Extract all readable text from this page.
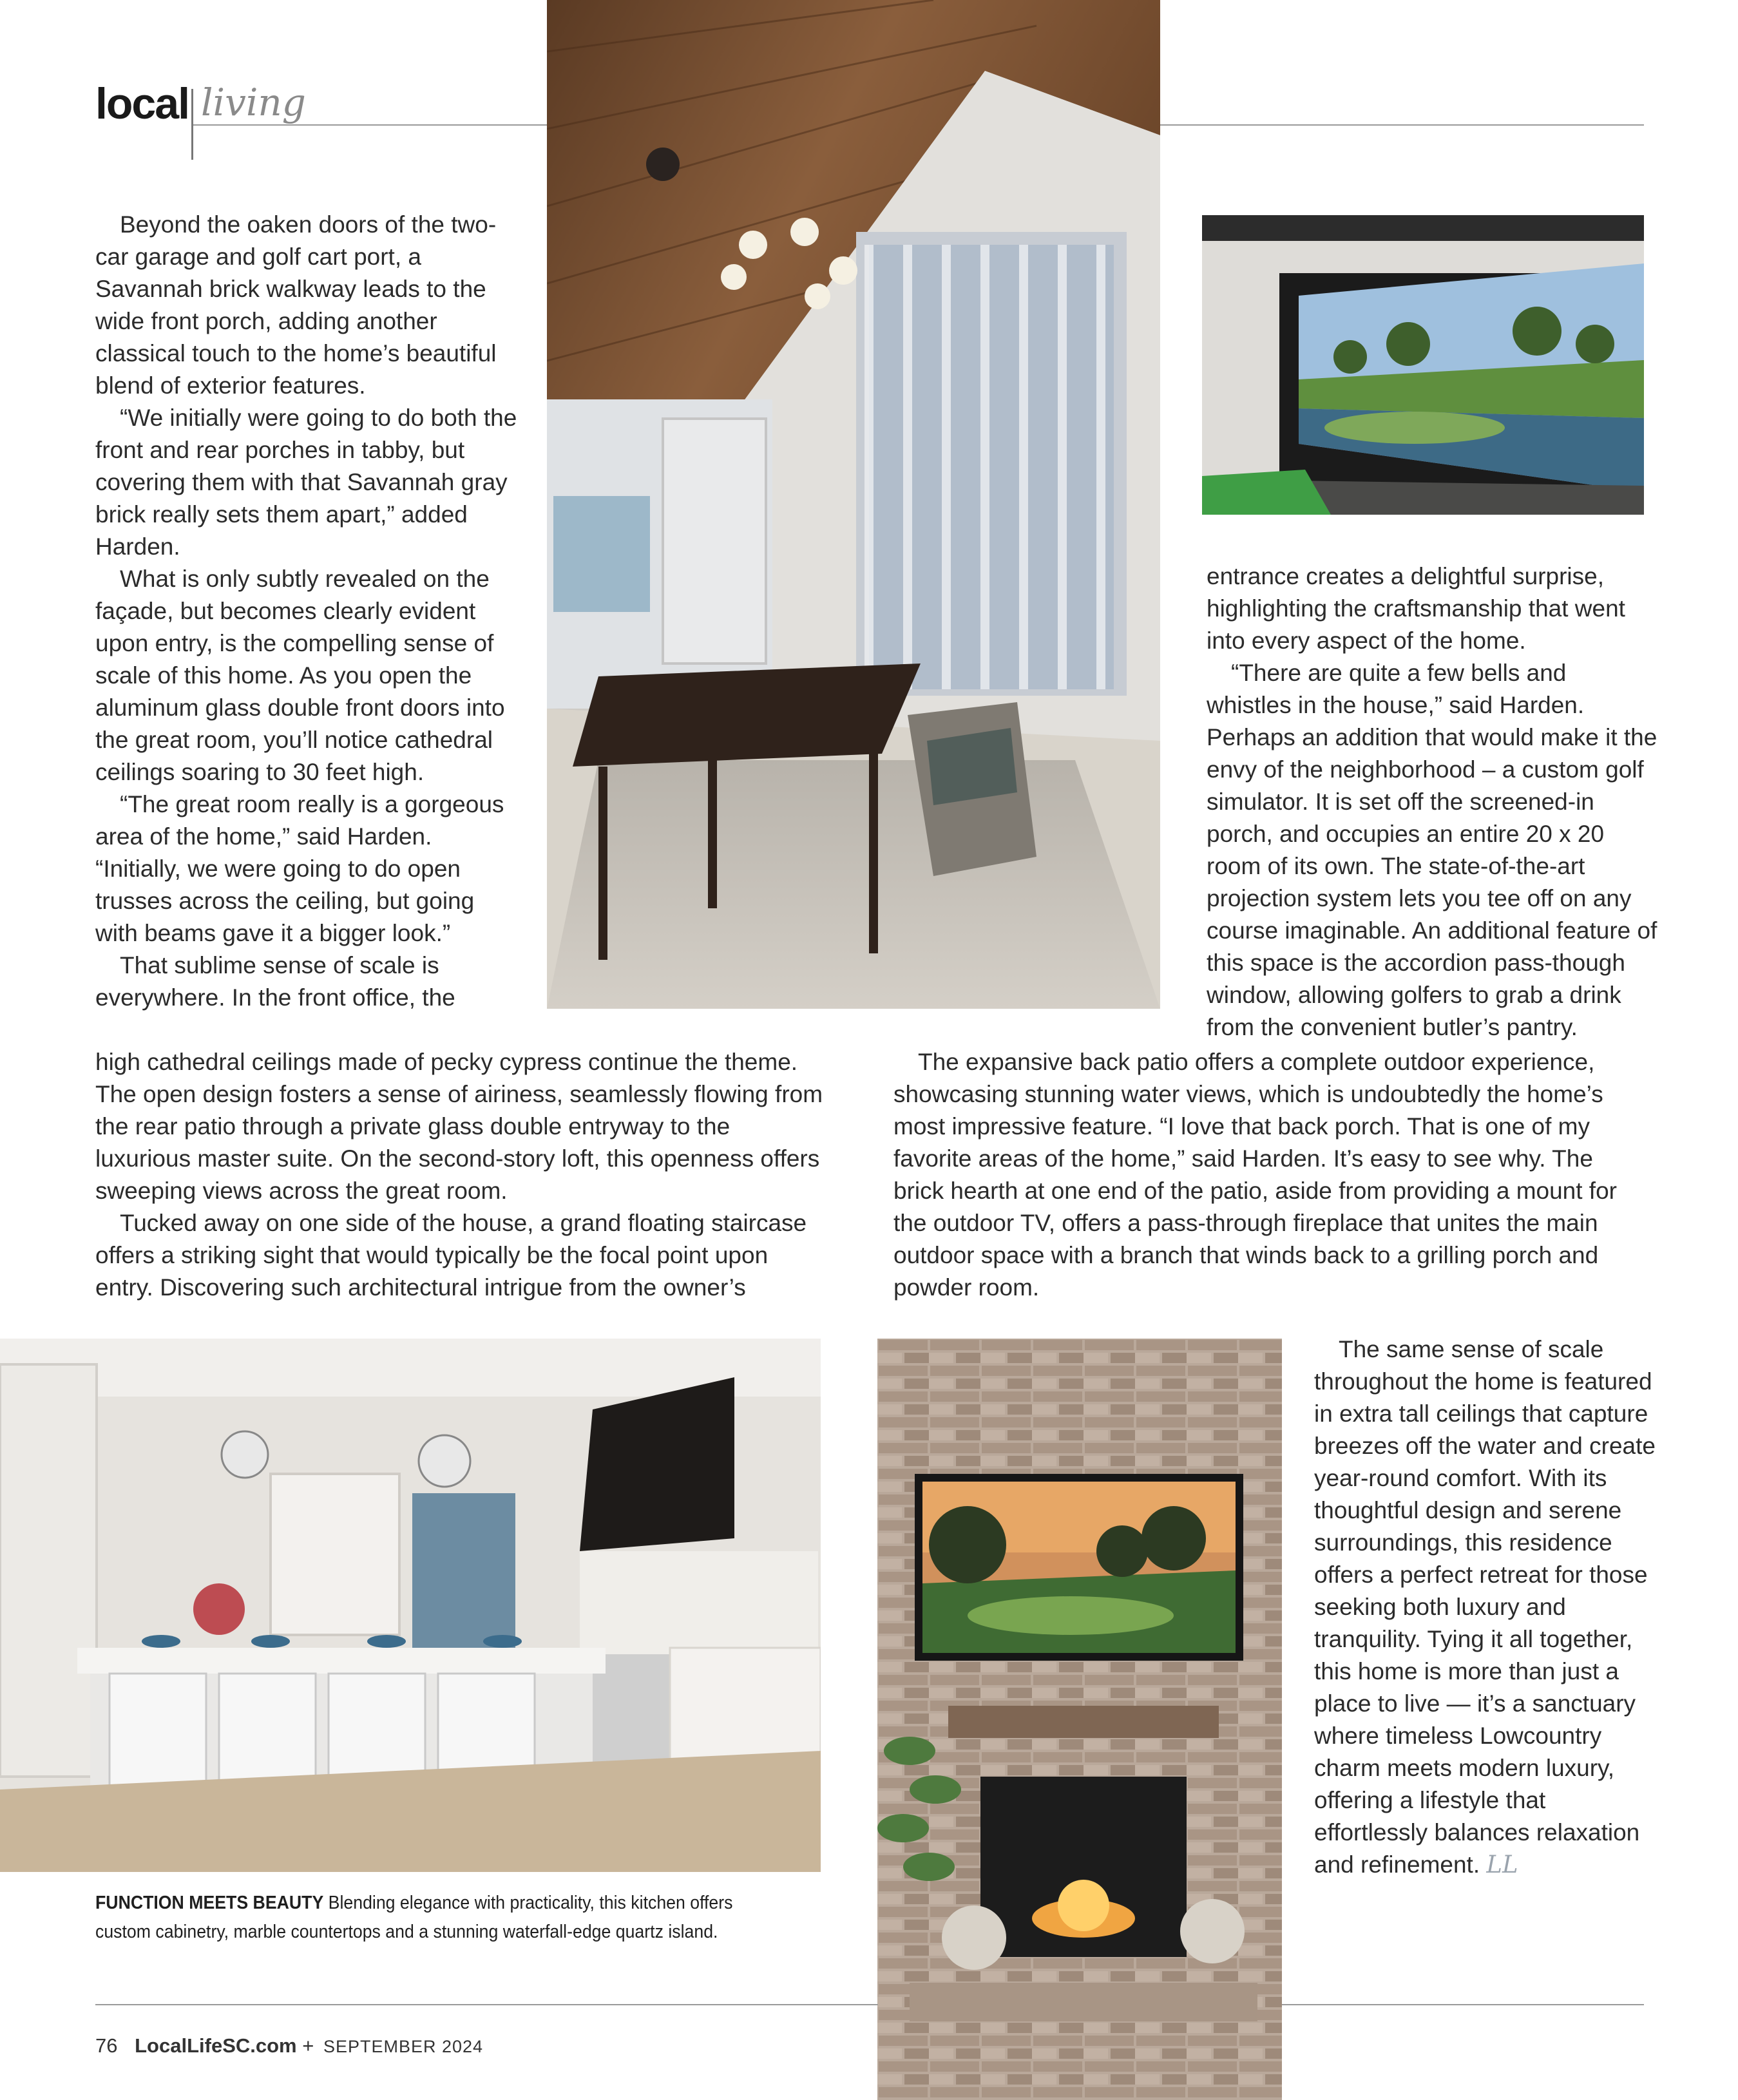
local living

Beyond the oaken doors of the two-car garage and golf cart port, a Savannah brick walkway leads to the wide front porch, adding another classical touch to the home’s beautiful blend of exterior features.

“We initially were going to do both the front and rear porches in tabby, but covering them with that Savannah gray brick really sets them apart,” added Harden.

What is only subtly revealed on the façade, but becomes clearly evident upon entry, is the compelling sense of scale of this home. As you open the aluminum glass double front doors into the great room, you’ll notice cathedral ceilings soaring to 30 feet high.

“The great room really is a gorgeous area of the home,” said Harden. “Initially, we were going to do open trusses across the ceiling, but going with beams gave it a bigger look.”

That sublime sense of scale is everywhere. In the front office, the

high cathedral ceilings made of pecky cypress continue the theme. The open design fosters a sense of airiness, seamlessly flowing from the rear patio through a private glass double entryway to the luxurious master suite. On the second-story loft, this openness offers sweeping views across the great room.

Tucked away on one side of the house, a grand floating staircase offers a striking sight that would typically be the focal point upon entry. Discovering such architectural intrigue from the owner’s

entrance creates a delightful surprise, highlighting the craftsmanship that went into every aspect of the home.

“There are quite a few bells and whistles in the house,” said Harden. Perhaps an addition that would make it the envy of the neighborhood – a custom golf simulator. It is set off the screened-in porch, and occupies an entire 20 x 20 room of its own. The state-of-the-art projection system lets you tee off on any course imaginable. An additional feature of this space is the accordion pass-though window, allowing golfers to grab a drink from the convenient butler’s pantry.

The expansive back patio offers a complete outdoor experience, showcasing stunning water views, which is undoubtedly the home’s most impressive feature. “I love that back porch. That is one of my favorite areas of the home,” said Harden. It’s easy to see why. The brick hearth at one end of the patio, aside from providing a mount for the outdoor TV, offers a pass-through fireplace that unites the main outdoor space with a branch that winds back to a grilling porch and powder room.

FUNCTION MEETS BEAUTY Blending elegance with practicality, this kitchen offers custom cabinetry, marble countertops and a stunning waterfall-edge quartz island.

The same sense of scale throughout the home is featured in extra tall ceilings that capture breezes off the water and create year-round comfort. With its thoughtful design and serene surroundings, this residence offers a perfect retreat for those seeking both luxury and tranquility. Tying it all together, this home is more than just a place to live — it’s a sanctuary where timeless Lowcountry charm meets modern luxury, offering a lifestyle that effortlessly balances relaxation and refinement. LL

76 LocalLifeSC.com + SEPTEMBER 2024
